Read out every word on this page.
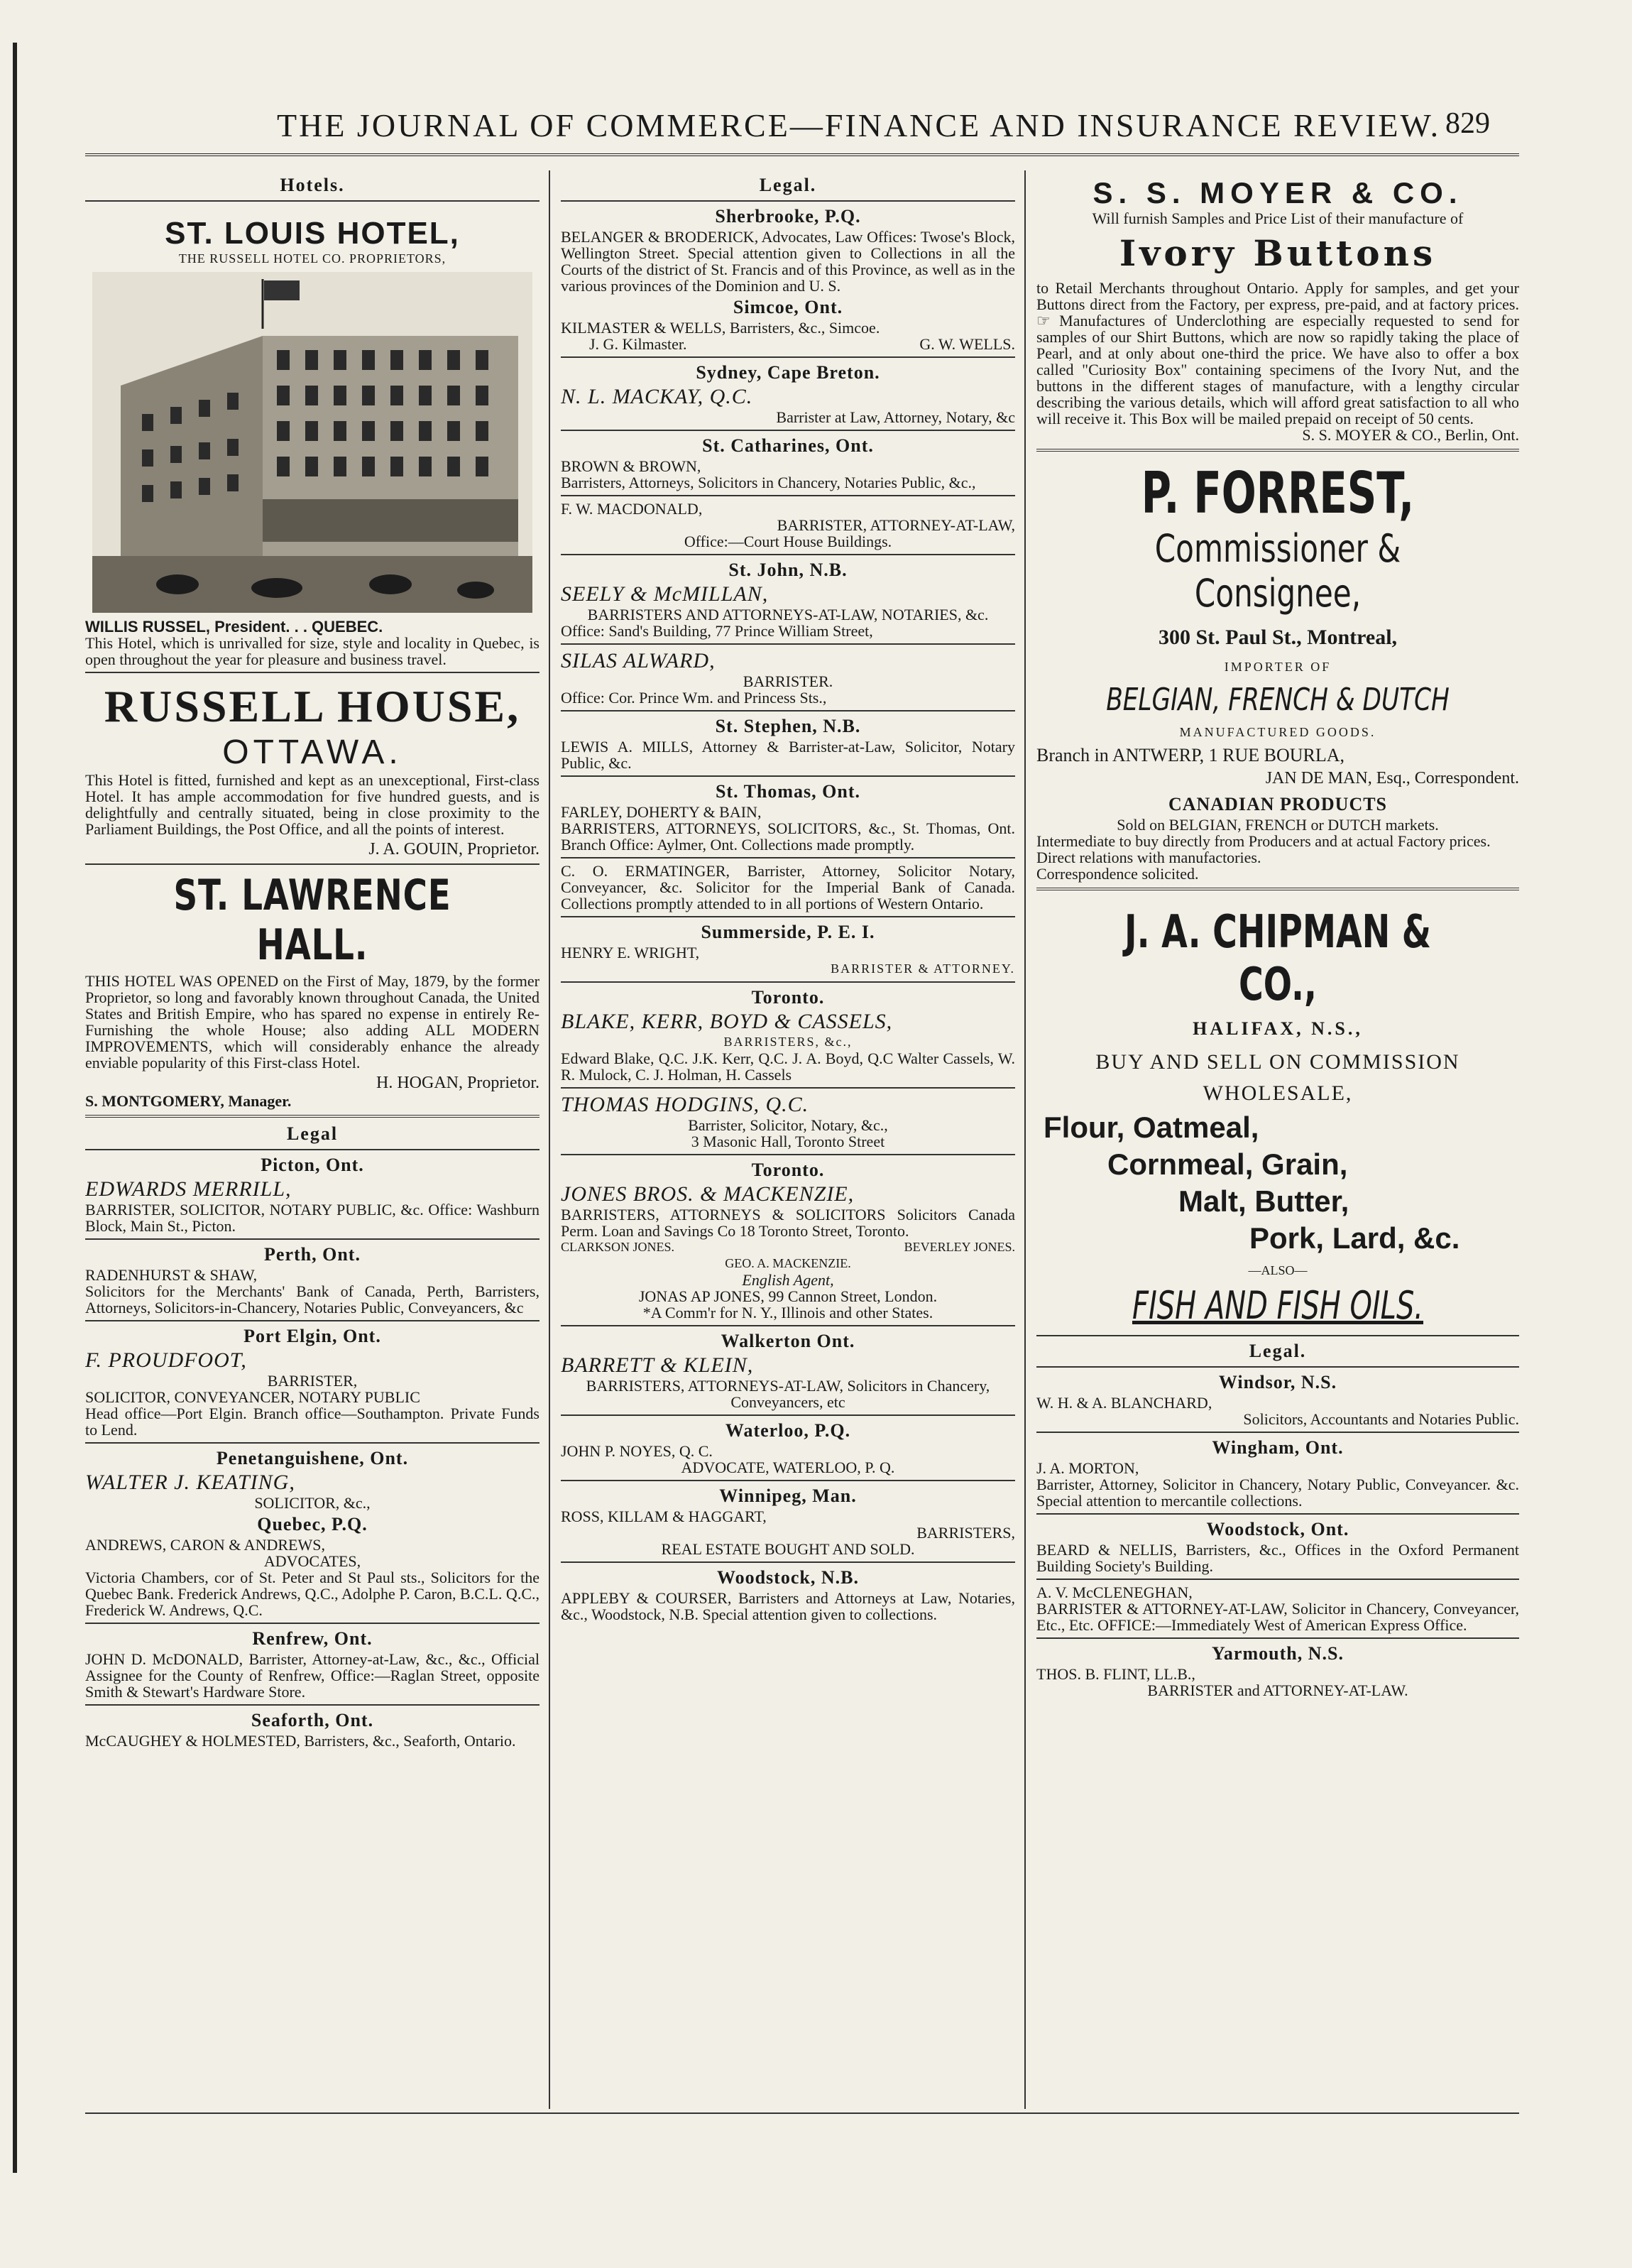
THE JOURNAL OF COMMERCE—FINANCE AND INSURANCE REVIEW. 829
Hotels.
ST. LOUIS HOTEL,
THE RUSSELL HOTEL CO. PROPRIETORS,
WILLIS RUSSEL, President. . . QUEBEC.
This Hotel, which is unrivalled for size, style and locality in Quebec, is open throughout the year for pleasure and business travel.
RUSSELL HOUSE,
OTTAWA.
This Hotel is fitted, furnished and kept as an unexceptional, First-class Hotel. It has ample accommodation for five hundred guests, and is delightfully and centrally situated, being in close proximity to the Parliament Buildings, the Post Office, and all the points of interest.
J. A. GOUIN, Proprietor.
ST. LAWRENCE HALL.
THIS HOTEL WAS OPENED on the First of May, 1879, by the former Proprietor, so long and favorably known throughout Canada, the United States and British Empire, who has spared no expense in entirely Re-Furnishing the whole House; also adding ALL MODERN IMPROVEMENTS, which will considerably enhance the already enviable popularity of this First-class Hotel.
H. HOGAN, Proprietor.
S. MONTGOMERY, Manager.
Legal
Picton, Ont.
EDWARDS MERRILL,
BARRISTER, SOLICITOR, NOTARY PUBLIC, &c. Office: Washburn Block, Main St., Picton.
Perth, Ont.
RADENHURST & SHAW,
Solicitors for the Merchants' Bank of Canada, Perth, Barristers, Attorneys, Solicitors-in-Chancery, Notaries Public, Conveyancers, &c
Port Elgin, Ont.
F. PROUDFOOT,
BARRISTER,
SOLICITOR, CONVEYANCER, NOTARY PUBLIC
Head office—Port Elgin. Branch office—Southampton. Private Funds to Lend.
Penetanguishene, Ont.
WALTER J. KEATING,
SOLICITOR, &c.,
Quebec, P.Q.
ANDREWS, CARON & ANDREWS,
ADVOCATES,
Victoria Chambers, cor of St. Peter and St Paul sts., Solicitors for the Quebec Bank. Frederick Andrews, Q.C., Adolphe P. Caron, B.C.L. Q.C., Frederick W. Andrews, Q.C.
Renfrew, Ont.
JOHN D. McDONALD, Barrister, Attorney-at-Law, &c., &c., Official Assignee for the County of Renfrew, Office:—Raglan Street, opposite Smith & Stewart's Hardware Store.
Seaforth, Ont.
McCAUGHEY & HOLMESTED, Barristers, &c., Seaforth, Ontario.
Legal.
Sherbrooke, P.Q.
BELANGER & BRODERICK, Advocates, Law Offices: Twose's Block, Wellington Street. Special attention given to Collections in all the Courts of the district of St. Francis and of this Province, as well as in the various provinces of the Dominion and U. S.
Simcoe, Ont.
KILMASTER & WELLS, Barristers, &c., Simcoe.
J. G. Kilmaster.	G. W. WELLS.
Sydney, Cape Breton.
N. L. MACKAY, Q.C.
Barrister at Law, Attorney, Notary, &c
St. Catharines, Ont.
BROWN & BROWN,
Barristers, Attorneys, Solicitors in Chancery, Notaries Public, &c.,
F. W. MACDONALD,
BARRISTER, ATTORNEY-AT-LAW,
Office:—Court House Buildings.
St. John, N.B.
SEELY & McMILLAN,
BARRISTERS AND ATTORNEYS-AT-LAW, NOTARIES, &c.
Office: Sand's Building, 77 Prince William Street,
SILAS ALWARD,
BARRISTER.
Office: Cor. Prince Wm. and Princess Sts.,
St. Stephen, N.B.
LEWIS A. MILLS, Attorney & Barrister-at-Law, Solicitor, Notary Public, &c.
St. Thomas, Ont.
FARLEY, DOHERTY & BAIN,
BARRISTERS, ATTORNEYS, SOLICITORS, &c., St. Thomas, Ont. Branch Office: Aylmer, Ont. Collections made promptly.
C. O. ERMATINGER, Barrister, Attorney, Solicitor Notary, Conveyancer, &c. Solicitor for the Imperial Bank of Canada. Collections promptly attended to in all portions of Western Ontario.
Summerside, P. E. I.
HENRY E. WRIGHT,
BARRISTER & ATTORNEY.
Toronto.
BLAKE, KERR, BOYD & CASSELS,
BARRISTERS, &c.,
Edward Blake, Q.C. J.K. Kerr, Q.C. J. A. Boyd, Q.C Walter Cassels, W. R. Mulock, C. J. Holman, H. Cassels
THOMAS HODGINS, Q.C.
Barrister, Solicitor, Notary, &c.,
3 Masonic Hall, Toronto Street
Toronto.
JONES BROS. & MACKENZIE,
BARRISTERS, ATTORNEYS & SOLICITORS Solicitors Canada Perm. Loan and Savings Co 18 Toronto Street, Toronto.
CLARKSON JONES.	BEVERLEY JONES.
GEO. A. MACKENZIE.
English Agent,
JONAS AP JONES, 99 Cannon Street, London.
*A Comm'r for N. Y., Illinois and other States.
Walkerton Ont.
BARRETT & KLEIN,
BARRISTERS, ATTORNEYS-AT-LAW, Solicitors in Chancery, Conveyancers, etc
Waterloo, P.Q.
JOHN P. NOYES, Q. C.
ADVOCATE, WATERLOO, P. Q.
Winnipeg, Man.
ROSS, KILLAM & HAGGART,
BARRISTERS,
REAL ESTATE BOUGHT AND SOLD.
Woodstock, N.B.
APPLEBY & COURSER, Barristers and Attorneys at Law, Notaries, &c., Woodstock, N.B. Special attention given to collections.
S. S. MOYER & CO.
Will furnish Samples and Price List of their manufacture of
Ivory Buttons
to Retail Merchants throughout Ontario. Apply for samples, and get your Buttons direct from the Factory, per express, pre-paid, and at factory prices. ☞ Manufactures of Underclothing are especially requested to send for samples of our Shirt Buttons, which are now so rapidly taking the place of Pearl, and at only about one-third the price. We have also to offer a box called "Curiosity Box" containing specimens of the Ivory Nut, and the buttons in the different stages of manufacture, with a lengthy circular describing the various details, which will afford great satisfaction to all who will receive it. This Box will be mailed prepaid on receipt of 50 cents.
S. S. MOYER & CO., Berlin, Ont.
P. FORREST,
Commissioner & Consignee,
300 St. Paul St., Montreal,
IMPORTER OF
BELGIAN, FRENCH & DUTCH
MANUFACTURED GOODS.
Branch in ANTWERP, 1 RUE BOURLA,
JAN DE MAN, Esq., Correspondent.
CANADIAN PRODUCTS
Sold on BELGIAN, FRENCH or DUTCH markets.
Intermediate to buy directly from Producers and at actual Factory prices.
Direct relations with manufactories.
Correspondence solicited.
J. A. CHIPMAN & CO.,
HALIFAX, N.S.,
BUY AND SELL ON COMMISSION
WHOLESALE,
Flour, Oatmeal,
Cornmeal, Grain,
Malt, Butter,
Pork, Lard, &c.
—ALSO—
FISH AND FISH OILS.
Legal.
Windsor, N.S.
W. H. & A. BLANCHARD,
Solicitors, Accountants and Notaries Public.
Wingham, Ont.
J. A. MORTON,
Barrister, Attorney, Solicitor in Chancery, Notary Public, Conveyancer. &c. Special attention to mercantile collections.
Woodstock, Ont.
BEARD & NELLIS, Barristers, &c., Offices in the Oxford Permanent Building Society's Building.
A. V. McCLENEGHAN,
BARRISTER & ATTORNEY-AT-LAW, Solicitor in Chancery, Conveyancer, Etc., Etc. OFFICE:—Immediately West of American Express Office.
Yarmouth, N.S.
THOS. B. FLINT, LL.B.,
BARRISTER and ATTORNEY-AT-LAW.
